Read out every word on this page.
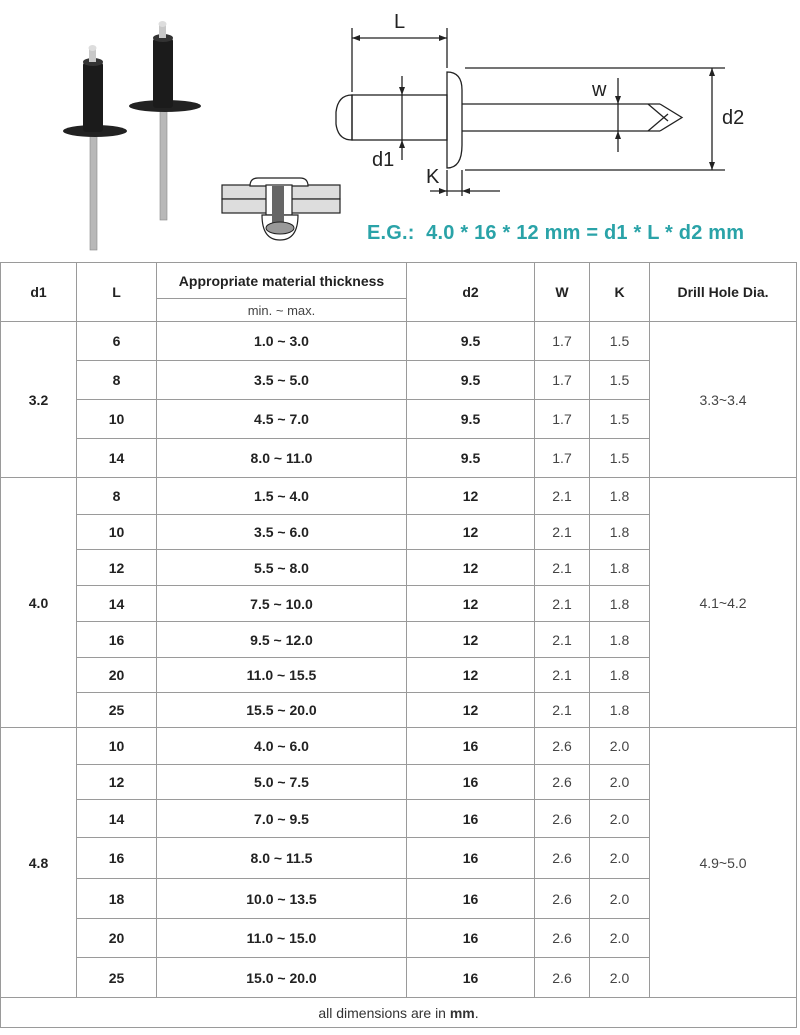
L
d1
K
w
d2
E.G.:  4.0 * 16 * 12 mm = d1 * L * d2 mm
d1	L	Appropriate material thickness	d2	W	K	Drill Hole Dia.
		min. ~ max.				
3.2	6	1.0 ~ 3.0	9.5	1.7	1.5	3.3~3.4
	8	3.5 ~ 5.0	9.5	1.7	1.5	
	10	4.5 ~ 7.0	9.5	1.7	1.5	
	14	8.0 ~ 11.0	9.5	1.7	1.5	
4.0	8	1.5 ~ 4.0	12	2.1	1.8	4.1~4.2
	10	3.5 ~ 6.0	12	2.1	1.8	
	12	5.5 ~ 8.0	12	2.1	1.8	
	14	7.5 ~ 10.0	12	2.1	1.8	
	16	9.5 ~ 12.0	12	2.1	1.8	
	20	11.0 ~ 15.5	12	2.1	1.8	
	25	15.5 ~ 20.0	12	2.1	1.8	
4.8	10	4.0 ~ 6.0	16	2.6	2.0	4.9~5.0
	12	5.0 ~ 7.5	16	2.6	2.0	
	14	7.0 ~ 9.5	16	2.6	2.0	
	16	8.0 ~ 11.5	16	2.6	2.0	
	18	10.0 ~ 13.5	16	2.6	2.0	
	20	11.0 ~ 15.0	16	2.6	2.0	
	25	15.0 ~ 20.0	16	2.6	2.0	
all dimensions are in mm.						
